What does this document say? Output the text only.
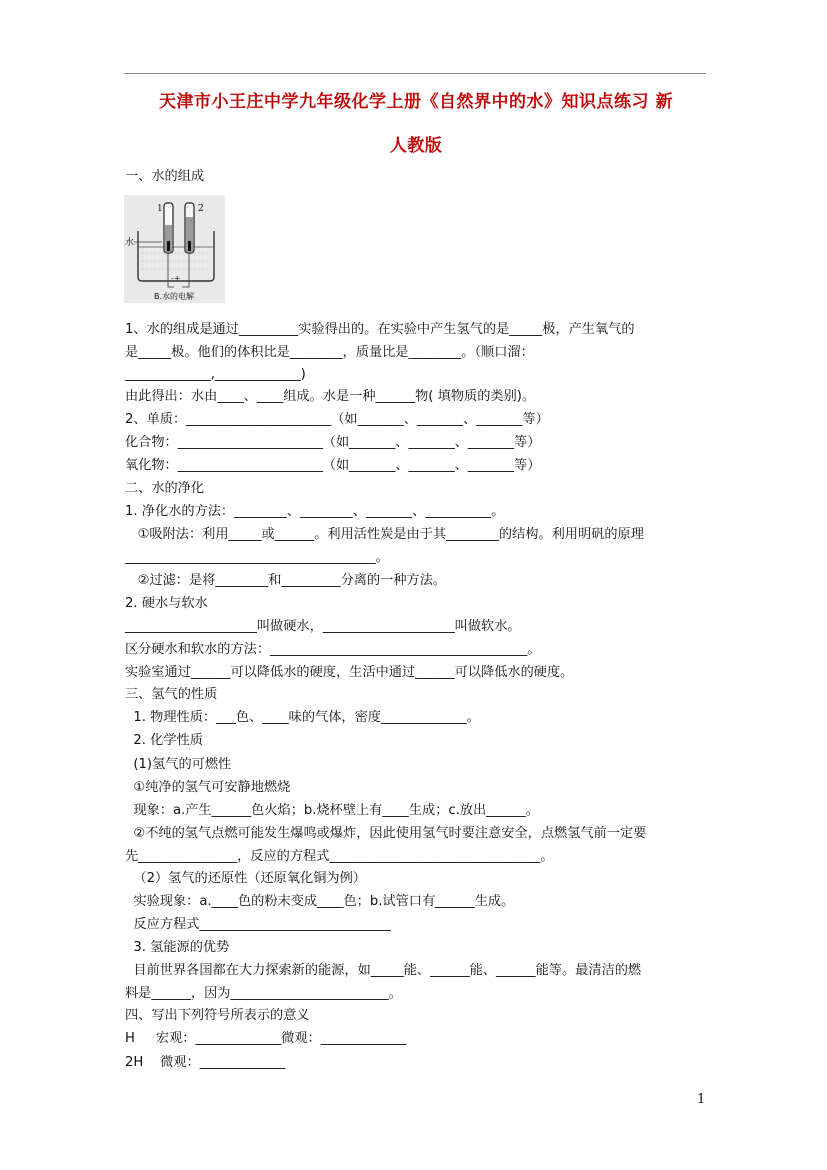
天津市小王庄中学九年级化学上册《自然界中的水》知识点练习 新
人教版
一、水的组成
1	2
水
-+
B.水的电解
1、水的组成是通过_________实验得出的。在实验中产生氢气的是_____极，产生氧气的
是_____极。他们的体积比是________，质量比是________。（顺口溜：
_____________,_____________)
由此得出：水由____、____组成。水是一种______物( 填物质的类别)。
2、单质：______________________（如_______、_______、_______等）
化合物：______________________（如_______、_______、_______等）
氧化物：______________________（如_______、_______、_______等）
二、水的净化
1. 净化水的方法：________、________、_______、__________。
①吸附法：利用_____或______。利用活性炭是由于其________的结构。利用明矾的原理
______________________________________。
②过滤：是将________和_________分离的一种方法。
2. 硬水与软水
____________________叫做硬水，____________________叫做软水。
区分硬水和软水的方法：_______________________________________。
实验室通过______可以降低水的硬度，生活中通过______可以降低水的硬度。
三、氢气的性质
1. 物理性质：___色、____味的气体，密度_____________。
2. 化学性质
(1)氢气的可燃性
①纯净的氢气可安静地燃烧
现象：a.产生______色火焰；b.烧杯壁上有____生成；c.放出______。
②不纯的氢气点燃可能发生爆鸣或爆炸，因此使用氢气时要注意安全，点燃氢气前一定要
先_______________，反应的方程式________________________________。
（2）氢气的还原性（还原氧化铜为例）
实验现象：a.____色的粉末变成____色；b.试管口有______生成。
反应方程式_____________________________
3. 氢能源的优势
目前世界各国都在大力探索新的能源，如_____能、______能、______能等。最清洁的燃
料是______，因为________________________。
四、写出下列符号所表示的意义
H     宏观：_____________微观：_____________
2H    微观：_____________
1
